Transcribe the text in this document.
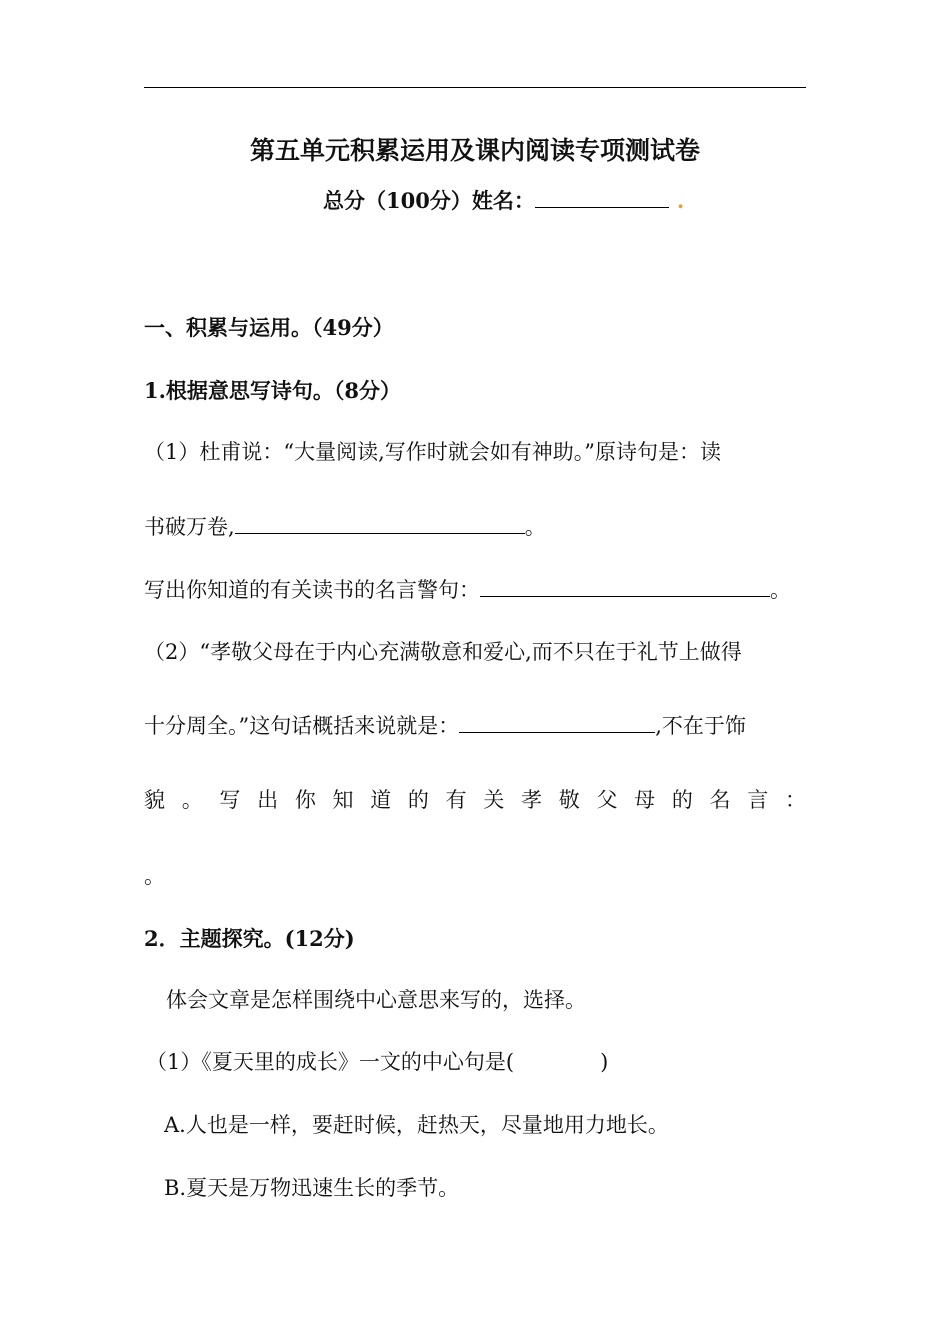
第五单元积累运用及课内阅读专项测试卷
总分（100分）姓名：	.
一、积累与运用。（49分）
1.根据意思写诗句。（8分）
（1）杜甫说：“大量阅读,写作时就会如有神助。”原诗句是：读
书破万卷,	。
写出你知道的有关读书的名言警句：	。
（2）“孝敬父母在于内心充满敬意和爱心,而不只在于礼节上做得
十分周全。”这句话概括来说就是：	,不在于饰
貌 。 写 出 你 知 道 的 有 关 孝 敬 父 母 的 名 言 ：
。
2．主题探究。(12分)
体会文章是怎样围绕中心意思来写的，选择。
（1）《夏天里的成长》一文的中心句是(	)
A.人也是一样，要赶时候，赶热天，尽量地用力地长。
B.夏天是万物迅速生长的季节。
